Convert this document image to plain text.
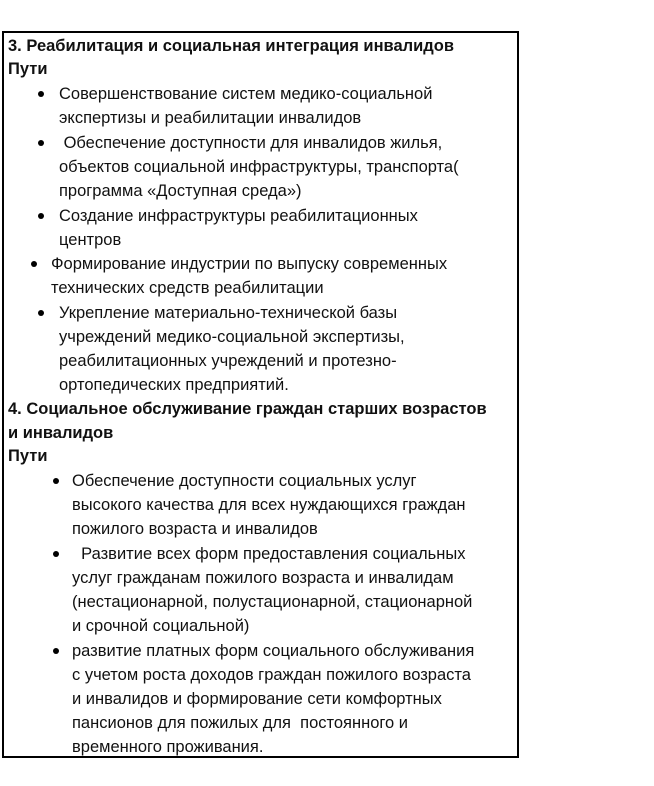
3. Реабилитация и социальная интеграция инвалидов
Пути
Совершенствование систем медико-социальной
экспертизы и реабилитации инвалидов
Обеспечение доступности для инвалидов жилья,
объектов социальной инфраструктуры, транспорта(
программа «Доступная среда»)
Создание инфраструктуры реабилитационных
центров
Формирование индустрии по выпуску современных
технических средств реабилитации
Укрепление материально-технической базы
учреждений медико-социальной экспертизы,
реабилитационных учреждений и протезно-
ортопедических предприятий.
4. Социальное обслуживание граждан старших возрастов
и инвалидов
Пути
Обеспечение доступности социальных услуг
высокого качества для всех нуждающихся граждан
пожилого возраста и инвалидов
Развитие всех форм предоставления социальных
услуг гражданам пожилого возраста и инвалидам
(нестационарной, полустационарной, стационарной
и срочной социальной)
развитие платных форм социального обслуживания
с учетом роста доходов граждан пожилого возраста
и инвалидов и формирование сети комфортных
пансионов для пожилых для  постоянного и
временного проживания.
